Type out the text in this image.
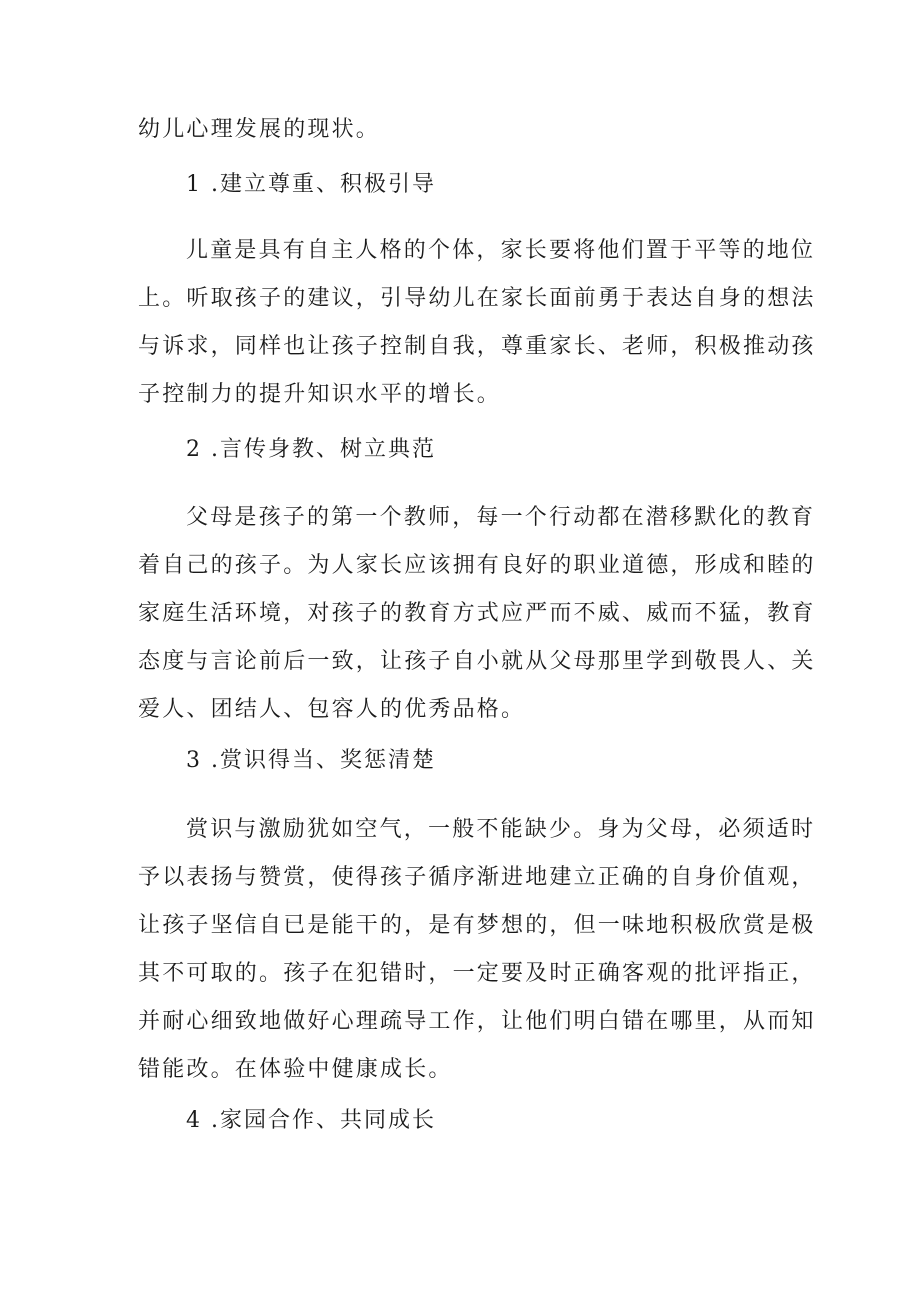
幼儿心理发展的现状。
1 .建立尊重、积极引导
儿童是具有自主人格的个体，家长要将他们置于平等的地位
上。听取孩子的建议，引导幼儿在家长面前勇于表达自身的想法
与诉求，同样也让孩子控制自我，尊重家长、老师，积极推动孩
子控制力的提升知识水平的增长。
2 .言传身教、树立典范
父母是孩子的第一个教师，每一个行动都在潜移默化的教育
着自己的孩子。为人家长应该拥有良好的职业道德，形成和睦的
家庭生活环境，对孩子的教育方式应严而不威、威而不猛，教育
态度与言论前后一致，让孩子自小就从父母那里学到敬畏人、关
爱人、团结人、包容人的优秀品格。
3 .赏识得当、奖惩清楚
赏识与激励犹如空气，一般不能缺少。身为父母，必须适时
予以表扬与赞赏，使得孩子循序渐进地建立正确的自身价值观，
让孩子坚信自已是能干的，是有梦想的，但一味地积极欣赏是极
其不可取的。孩子在犯错时，一定要及时正确客观的批评指正，
并耐心细致地做好心理疏导工作，让他们明白错在哪里，从而知
错能改。在体验中健康成长。
4 .家园合作、共同成长
